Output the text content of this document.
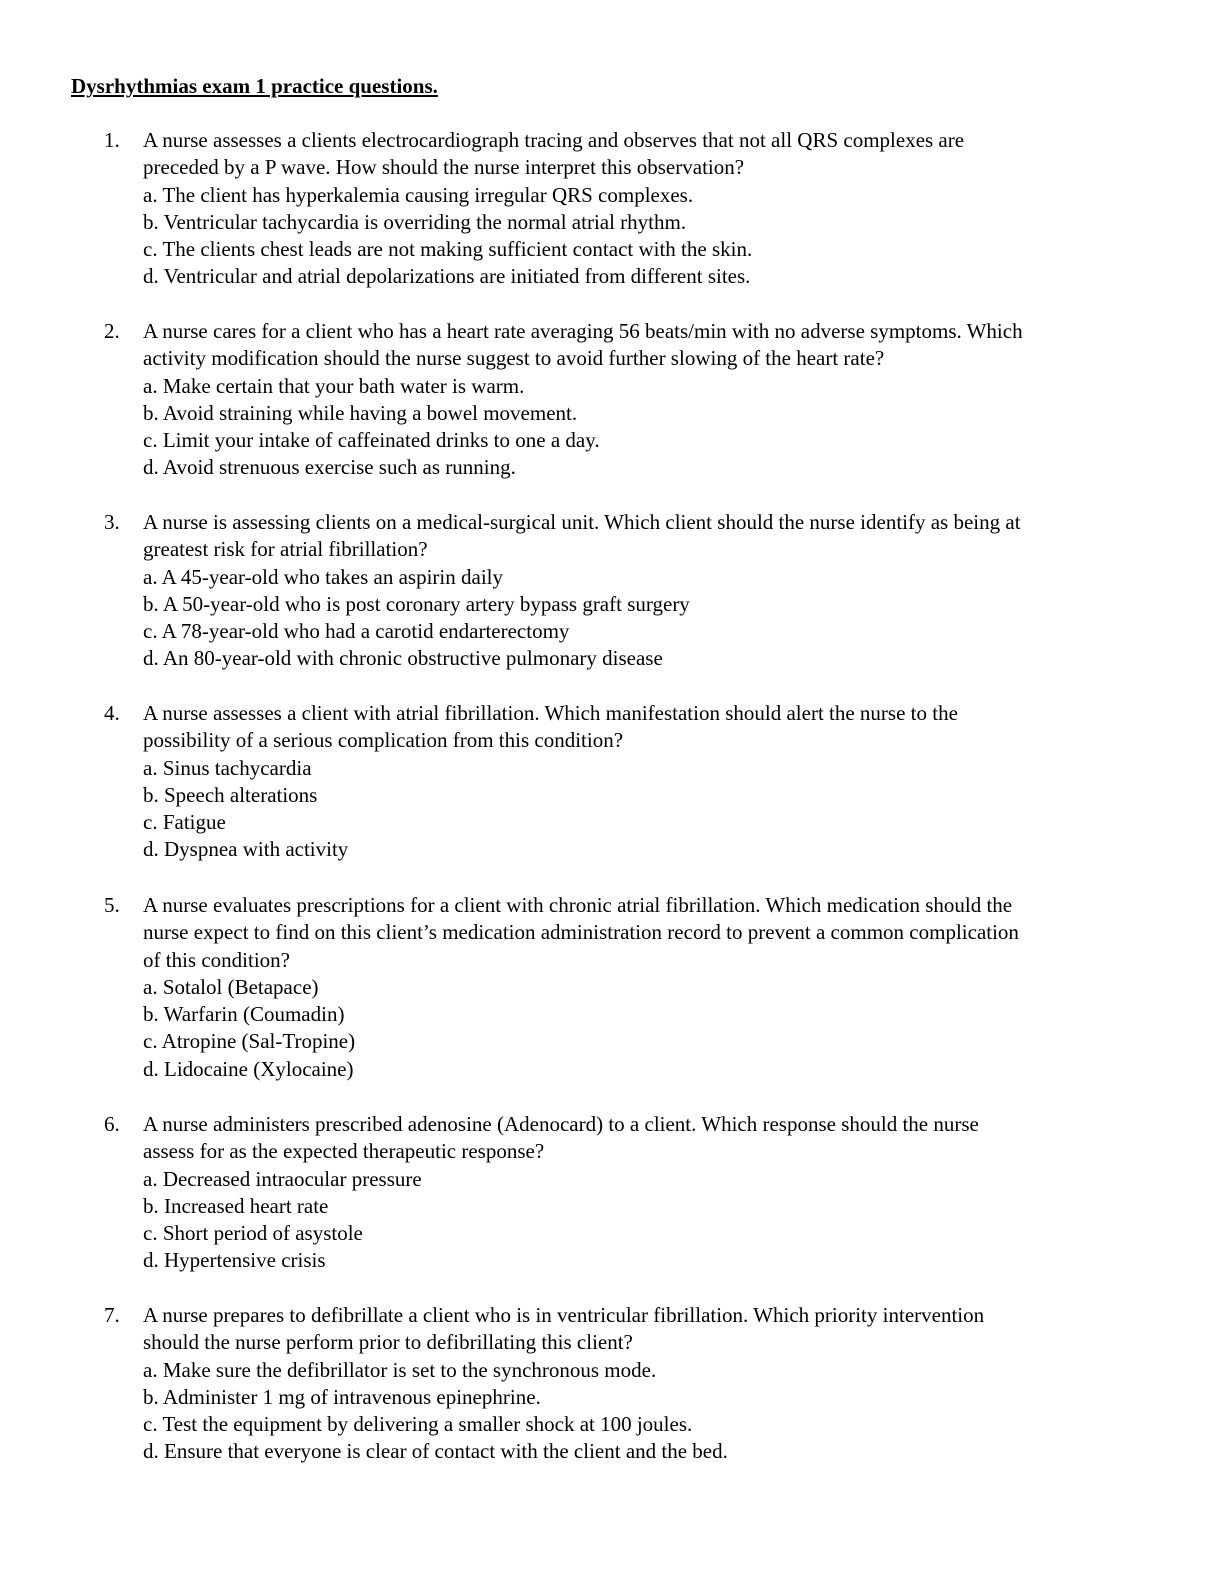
Dysrhythmias exam 1 practice questions.
1. A nurse assesses a clients electrocardiograph tracing and observes that not all QRS complexes are
preceded by a P wave. How should the nurse interpret this observation?
a. The client has hyperkalemia causing irregular QRS complexes.
b. Ventricular tachycardia is overriding the normal atrial rhythm.
c. The clients chest leads are not making sufficient contact with the skin.
d. Ventricular and atrial depolarizations are initiated from different sites.
2. A nurse cares for a client who has a heart rate averaging 56 beats/min with no adverse symptoms. Which
activity modification should the nurse suggest to avoid further slowing of the heart rate?
a. Make certain that your bath water is warm.
b. Avoid straining while having a bowel movement.
c. Limit your intake of caffeinated drinks to one a day.
d. Avoid strenuous exercise such as running.
3. A nurse is assessing clients on a medical-surgical unit. Which client should the nurse identify as being at
greatest risk for atrial fibrillation?
a. A 45-year-old who takes an aspirin daily
b. A 50-year-old who is post coronary artery bypass graft surgery
c. A 78-year-old who had a carotid endarterectomy
d. An 80-year-old with chronic obstructive pulmonary disease
4. A nurse assesses a client with atrial fibrillation. Which manifestation should alert the nurse to the
possibility of a serious complication from this condition?
a. Sinus tachycardia
b. Speech alterations
c. Fatigue
d. Dyspnea with activity
5. A nurse evaluates prescriptions for a client with chronic atrial fibrillation. Which medication should the
nurse expect to find on this client’s medication administration record to prevent a common complication
of this condition?
a. Sotalol (Betapace)
b. Warfarin (Coumadin)
c. Atropine (Sal-Tropine)
d. Lidocaine (Xylocaine)
6. A nurse administers prescribed adenosine (Adenocard) to a client. Which response should the nurse
assess for as the expected therapeutic response?
a. Decreased intraocular pressure
b. Increased heart rate
c. Short period of asystole
d. Hypertensive crisis
7. A nurse prepares to defibrillate a client who is in ventricular fibrillation. Which priority intervention
should the nurse perform prior to defibrillating this client?
a. Make sure the defibrillator is set to the synchronous mode.
b. Administer 1 mg of intravenous epinephrine.
c. Test the equipment by delivering a smaller shock at 100 joules.
d. Ensure that everyone is clear of contact with the client and the bed.
